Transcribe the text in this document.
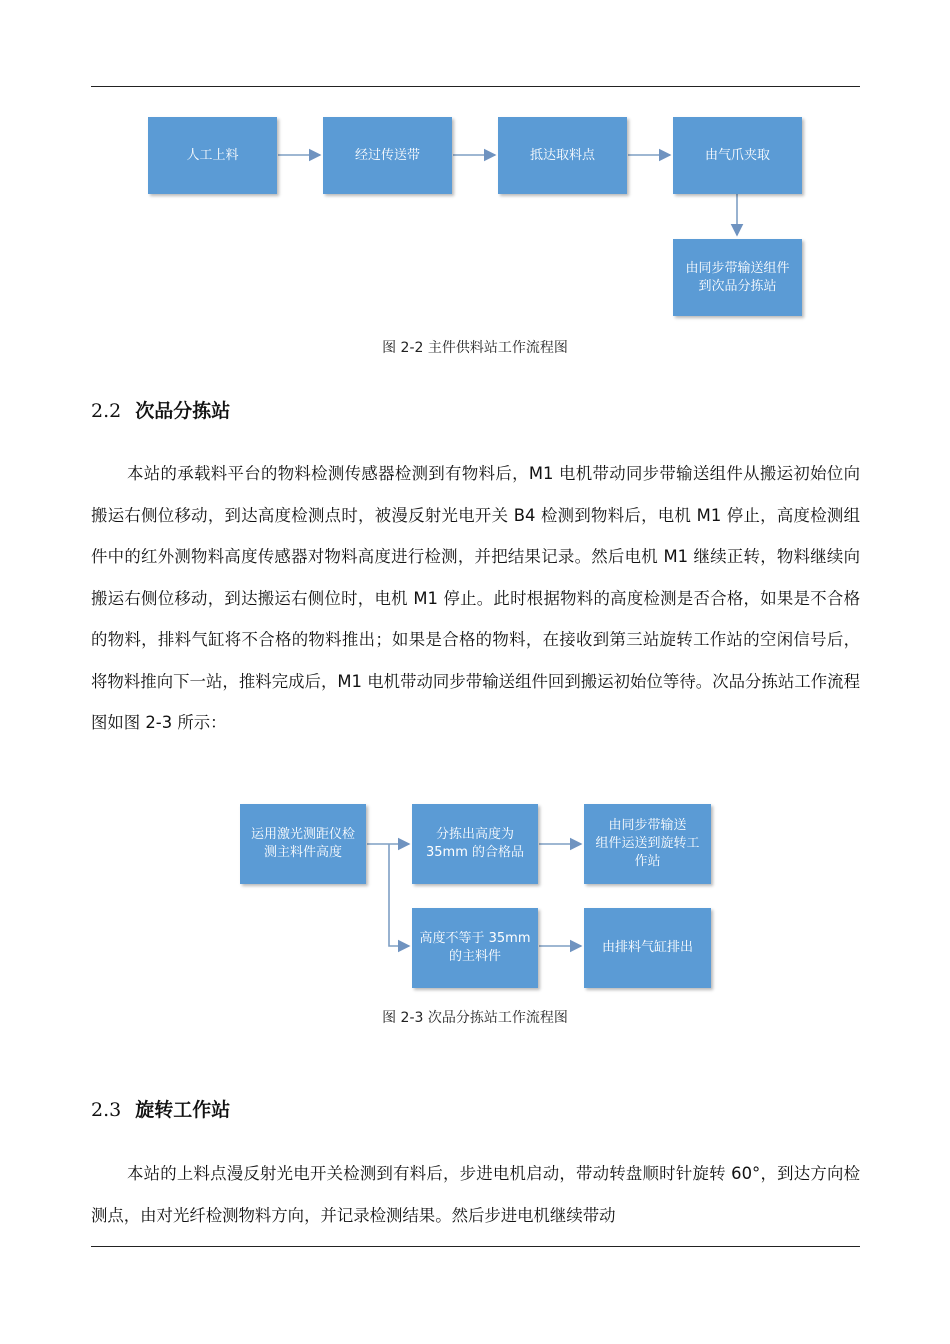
人工上料	经过传送带	抵达取料点	由气爪夹取
由同步带输送组件
到次品分拣站
图 2-2 主件供料站工作流程图
2.2 次品分拣站

本站的承载料平台的物料检测传感器检测到有物料后，M1 电机带动同步带输送组件从搬运初始位向搬运右侧位移动，到达高度检测点时，被漫反射光电开关 B4 检测到物料后，电机 M1 停止，高度检测组件中的红外测物料高度传感器对物料高度进行检测，并把结果记录。然后电机 M1 继续正转，物料继续向搬运右侧位移动，到达搬运右侧位时，电机 M1 停止。此时根据物料的高度检测是否合格，如果是不合格的物料，排料气缸将不合格的物料推出；如果是合格的物料，在接收到第三站旋转工作站的空闲信号后，将物料推向下一站，推料完成后，M1 电机带动同步带输送组件回到搬运初始位等待。次品分拣站工作流程图如图 2-3 所示：

运用激光测距仪检
测主料件高度
分拣出高度为
35mm 的合格品
由同步带输送
组件运送到旋转工
作站
高度不等于 35mm
的主料件
由排料气缸排出
图 2-3 次品分拣站工作流程图
2.3 旋转工作站

本站的上料点漫反射光电开关检测到有料后，步进电机启动，带动转盘顺时针旋转 60°，到达方向检测点，由对光纤检测物料方向，并记录检测结果。然后步进电机继续带动
